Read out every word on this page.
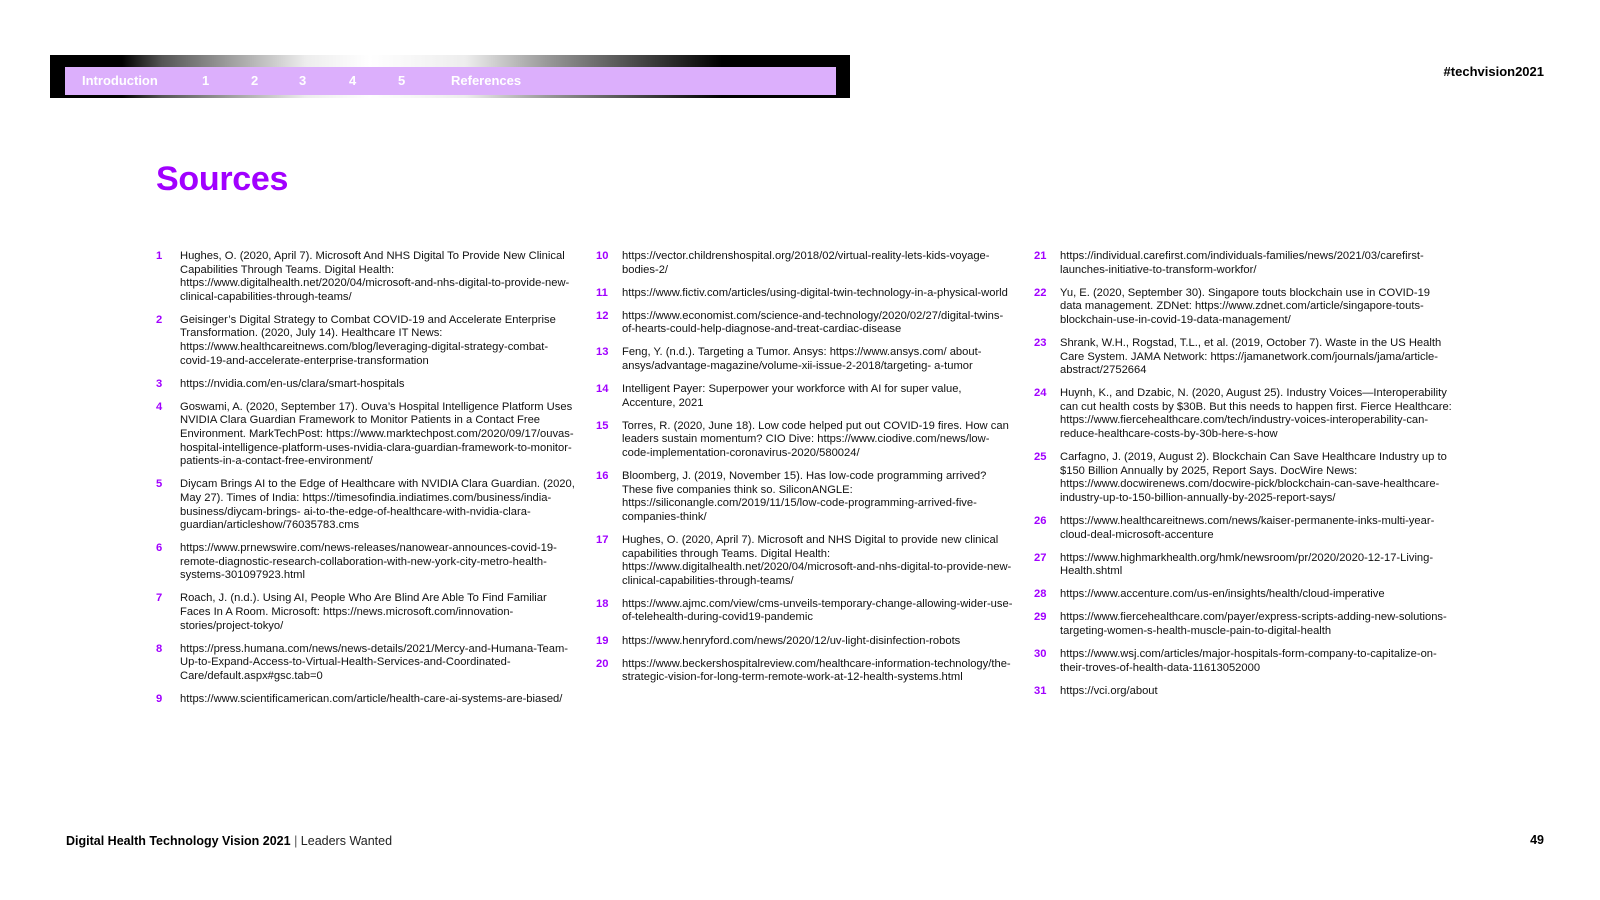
Introduction	1	2	3	4	5	References
#techvision2021
Sources
1	Hughes, O. (2020, April 7). Microsoft And NHS Digital To Provide New Clinical Capabilities Through Teams. Digital Health: https://www.digitalhealth.net/2020/04/microsoft-and-nhs-digital-to-provide-new-clinical-capabilities-through-teams/
2	Geisinger’s Digital Strategy to Combat COVID-19 and Accelerate Enterprise Transformation. (2020, July 14). Healthcare IT News: https://www.healthcareitnews.com/blog/leveraging-digital-strategy-combat-covid-19-and-accelerate-enterprise-transformation
3	https://nvidia.com/en-us/clara/smart-hospitals
4	Goswami, A. (2020, September 17). Ouva’s Hospital Intelligence Platform Uses NVIDIA Clara Guardian Framework to Monitor Patients in a Contact Free Environment. MarkTechPost: https://www.marktechpost.com/2020/09/17/ouvas-hospital-intelligence-platform-uses-nvidia-clara-guardian-framework-to-monitor-patients-in-a-contact-free-environment/
5	Diycam Brings AI to the Edge of Healthcare with NVIDIA Clara Guardian. (2020, May 27). Times of India: https://timesofindia.indiatimes.com/business/india-business/diycam-brings- ai-to-the-edge-of-healthcare-with-nvidia-clara-guardian/articleshow/76035783.cms
6	https://www.prnewswire.com/news-releases/nanowear-announces-covid-19-remote-diagnostic-research-collaboration-with-new-york-city-metro-health-systems-301097923.html
7	Roach, J. (n.d.). Using AI, People Who Are Blind Are Able To Find Familiar Faces In A Room. Microsoft: https://news.microsoft.com/innovation-stories/project-tokyo/
8	https://press.humana.com/news/news-details/2021/Mercy-and-Humana-Team-Up-to-Expand-Access-to-Virtual-Health-Services-and-Coordinated-Care/default.aspx#gsc.tab=0
9	https://www.scientificamerican.com/article/health-care-ai-systems-are-biased/
10	https://vector.childrenshospital.org/2018/02/virtual-reality-lets-kids-voyage-bodies-2/
11	https://www.fictiv.com/articles/using-digital-twin-technology-in-a-physical-world
12	https://www.economist.com/science-and-technology/2020/02/27/digital-twins-of-hearts-could-help-diagnose-and-treat-cardiac-disease
13	Feng, Y. (n.d.). Targeting a Tumor. Ansys: https://www.ansys.com/ about-ansys/advantage-magazine/volume-xii-issue-2-2018/targeting- a-tumor
14	Intelligent Payer: Superpower your workforce with AI for super value, Accenture, 2021
15	Torres, R. (2020, June 18). Low code helped put out COVID-19 fires. How can leaders sustain momentum? CIO Dive: https://www.ciodive.com/news/low-code-implementation-coronavirus-2020/580024/
16	Bloomberg, J. (2019, November 15). Has low-code programming arrived? These five companies think so. SiliconANGLE: https://siliconangle.com/2019/11/15/low-code-programming-arrived-five-companies-think/
17	Hughes, O. (2020, April 7). Microsoft and NHS Digital to provide new clinical capabilities through Teams. Digital Health: https://www.digitalhealth.net/2020/04/microsoft-and-nhs-digital-to-provide-new-clinical-capabilities-through-teams/
18	https://www.ajmc.com/view/cms-unveils-temporary-change-allowing-wider-use-of-telehealth-during-covid19-pandemic
19	https://www.henryford.com/news/2020/12/uv-light-disinfection-robots
20	https://www.beckershospitalreview.com/healthcare-information-technology/the-strategic-vision-for-long-term-remote-work-at-12-health-systems.html
21	https://individual.carefirst.com/individuals-families/news/2021/03/carefirst-launches-initiative-to-transform-workfor/
22	Yu, E. (2020, September 30). Singapore touts blockchain use in COVID-19 data management. ZDNet: https://www.zdnet.com/article/singapore-touts-blockchain-use-in-covid-19-data-management/
23	Shrank, W.H., Rogstad, T.L., et al. (2019, October 7). Waste in the US Health Care System. JAMA Network: https://jamanetwork.com/journals/jama/article-abstract/2752664
24	Huynh, K., and Dzabic, N. (2020, August 25). Industry Voices—Interoperability can cut health costs by $30B. But this needs to happen first. Fierce Healthcare: https://www.fiercehealthcare.com/tech/industry-voices-interoperability-can-reduce-healthcare-costs-by-30b-here-s-how
25	Carfagno, J. (2019, August 2). Blockchain Can Save Healthcare Industry up to $150 Billion Annually by 2025, Report Says. DocWire News: https://www.docwirenews.com/docwire-pick/blockchain-can-save-healthcare-industry-up-to-150-billion-annually-by-2025-report-says/
26	https://www.healthcareitnews.com/news/kaiser-permanente-inks-multi-year-cloud-deal-microsoft-accenture
27	https://www.highmarkhealth.org/hmk/newsroom/pr/2020/2020-12-17-Living-Health.shtml
28	https://www.accenture.com/us-en/insights/health/cloud-imperative
29	https://www.fiercehealthcare.com/payer/express-scripts-adding-new-solutions-targeting-women-s-health-muscle-pain-to-digital-health
30	https://www.wsj.com/articles/major-hospitals-form-company-to-capitalize-on-their-troves-of-health-data-11613052000
31	https://vci.org/about
Digital Health Technology Vision 2021 | Leaders Wanted	49
